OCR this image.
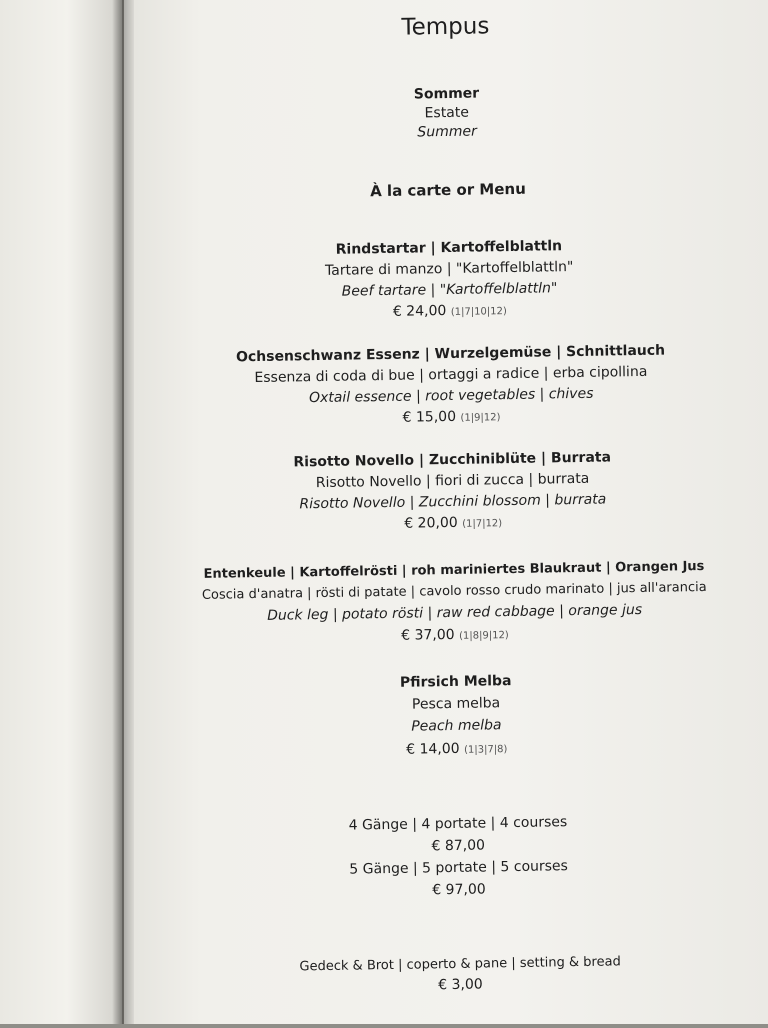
Tempus
Sommer
Estate
Summer
À la carte or Menu
Rindstartar | Kartoffelblattln
Tartare di manzo | "Kartoffelblattln"
Beef tartare | "Kartoffelblattln"
€ 24,00 (1|7|10|12)
Ochsenschwanz Essenz | Wurzelgemüse | Schnittlauch
Essenza di coda di bue | ortaggi a radice | erba cipollina
Oxtail essence | root vegetables | chives
€ 15,00 (1|9|12)
Risotto Novello | Zucchiniblüte | Burrata
Risotto Novello | fiori di zucca | burrata
Risotto Novello | Zucchini blossom | burrata
€ 20,00 (1|7|12)
Entenkeule | Kartoffelrösti | roh mariniertes Blaukraut | Orangen Jus
Coscia d'anatra | rösti di patate | cavolo rosso crudo marinato | jus all'arancia
Duck leg | potato rösti | raw red cabbage | orange jus
€ 37,00 (1|8|9|12)
Pfirsich Melba
Pesca melba
Peach melba
€ 14,00 (1|3|7|8)
4 Gänge | 4 portate | 4 courses
€ 87,00
5 Gänge | 5 portate | 5 courses
€ 97,00
Gedeck & Brot | coperto & pane | setting & bread
€ 3,00
